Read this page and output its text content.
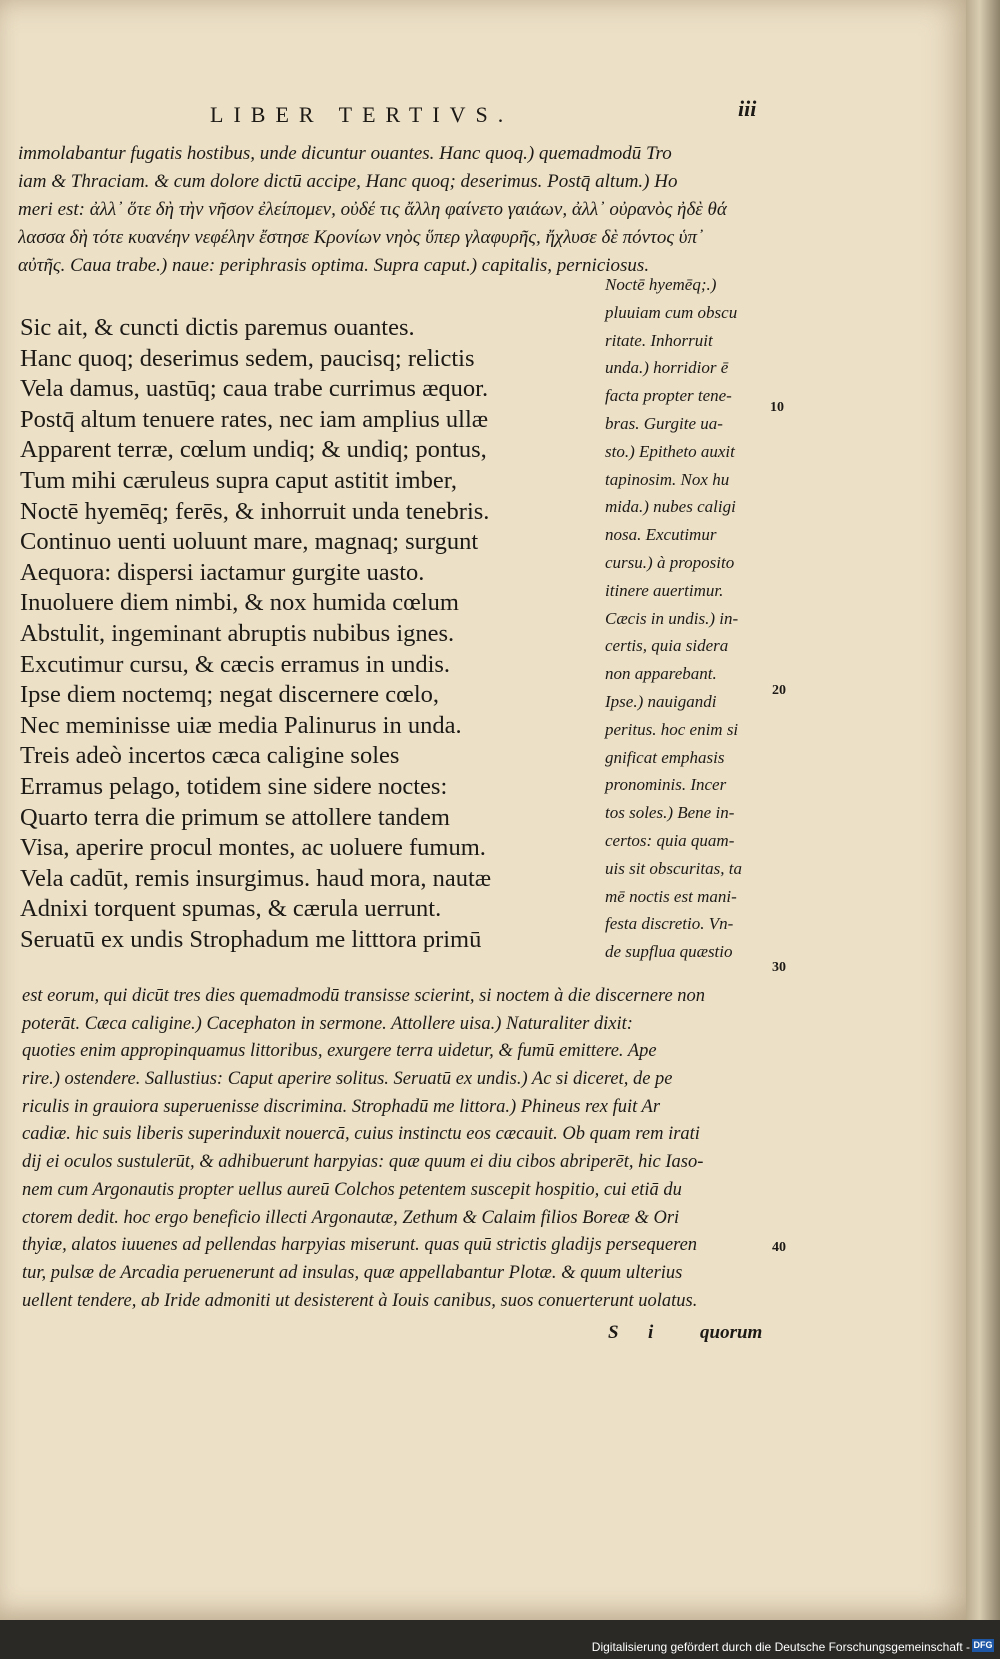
LIBER TERTIVS.	iii
immolabantur fugatis hostibus, unde dicuntur ouantes. Hanc quoq.) quemadmodū Tro
iam & Thraciam. & cum dolore dictū accipe, Hanc quoq; deserimus. Postq̄ altum.) Ho
meri est: ἀλλ᾽ ὅτε δὴ τὴν νῆσον ἐλείπομεν, οὐδέ τις ἄλλη φαίνετο γαιάων, ἀλλ᾽ οὐρανὸς ἠδὲ θά
λασσα δὴ τότε κυανέην νεφέλην ἔστησε Κρονίων νηὸς ὕπερ γλαφυρῆς, ἤχλυσε δὲ πόντος ὑπ᾽
αὐτῆς. Caua trabe.) naue: periphrasis optima. Supra caput.) capitalis, perniciosus.
Sic ait, & cuncti dictis paremus ouantes.
Hanc quoq; deserimus sedem, paucisq; relictis
Vela damus, uastūq; caua trabe currimus æquor.
Postq̄ altum tenuere rates, nec iam amplius ullæ
Apparent terræ, cœlum undiq; & undiq; pontus,
Tum mihi cæruleus supra caput astitit imber,
Noctē hyemēq; ferēs, & inhorruit unda tenebris.
Continuo uenti uoluunt mare, magnaq; surgunt
Aequora: dispersi iactamur gurgite uasto.
Inuoluere diem nimbi, & nox humida cœlum
Abstulit, ingeminant abruptis nubibus ignes.
Excutimur cursu, & cæcis erramus in undis.
Ipse diem noctemq; negat discernere cœlo,
Nec meminisse uiæ media Palinurus in unda.
Treis adeò incertos cæca caligine soles
Erramus pelago, totidem sine sidere noctes:
Quarto terra die primum se attollere tandem
Visa, aperire procul montes, ac uoluere fumum.
Vela cadūt, remis insurgimus. haud mora, nautæ
Adnixi torquent spumas, & cærula uerrunt.
Seruatū ex undis Strophadum me litttora primū
Noctē hyemēq;.)
pluuiam cum obscu
ritate. Inhorruit
unda.) horridior ē
facta propter tene-
bras. Gurgite ua-
sto.) Epitheto auxit
tapinosim. Nox hu
mida.) nubes caligi
nosa. Excutimur
cursu.) à proposito
itinere auertimur.
Cæcis in undis.) in-
certis, quia sidera
non apparebant.
Ipse.) nauigandi
peritus. hoc enim si
gnificat emphasis
pronominis. Incer
tos soles.) Bene in-
certos: quia quam-
uis sit obscuritas, ta
mē noctis est mani-
festa discretio. Vn-
de supflua quæstio
10
20
30
40
est eorum, qui dicūt tres dies quemadmodū transisse scierint, si noctem à die discernere non
poterāt. Cæca caligine.) Cacephaton in sermone. Attollere uisa.) Naturaliter dixit:
quoties enim appropinquamus littoribus, exurgere terra uidetur, & fumū emittere. Ape
rire.) ostendere. Sallustius: Caput aperire solitus. Seruatū ex undis.) Ac si diceret, de pe
riculis in grauiora superuenisse discrimina. Strophadū me littora.) Phineus rex fuit Ar
cadiæ. hic suis liberis superinduxit nouercā, cuius instinctu eos cæcauit. Ob quam rem irati
dij ei oculos sustulerūt, & adhibuerunt harpyias: quæ quum ei diu cibos abriperēt, hic Iaso-
nem cum Argonautis propter uellus aureū Colchos petentem suscepit hospitio, cui etiā du
ctorem dedit. hoc ergo beneficio illecti Argonautæ, Zethum & Calaim filios Boreæ & Ori
thyiæ, alatos iuuenes ad pellendas harpyias miserunt. quas quū strictis gladijs persequeren
tur, pulsæ de Arcadia peruenerunt ad insulas, quæ appellabantur Plotæ. & quum ulterius
uellent tendere, ab Iride admoniti ut desisterent à Iouis canibus, suos conuerterunt uolatus.
S i quorum
Digitalisierung gefördert durch die Deutsche Forschungsgemeinschaft - DFG
